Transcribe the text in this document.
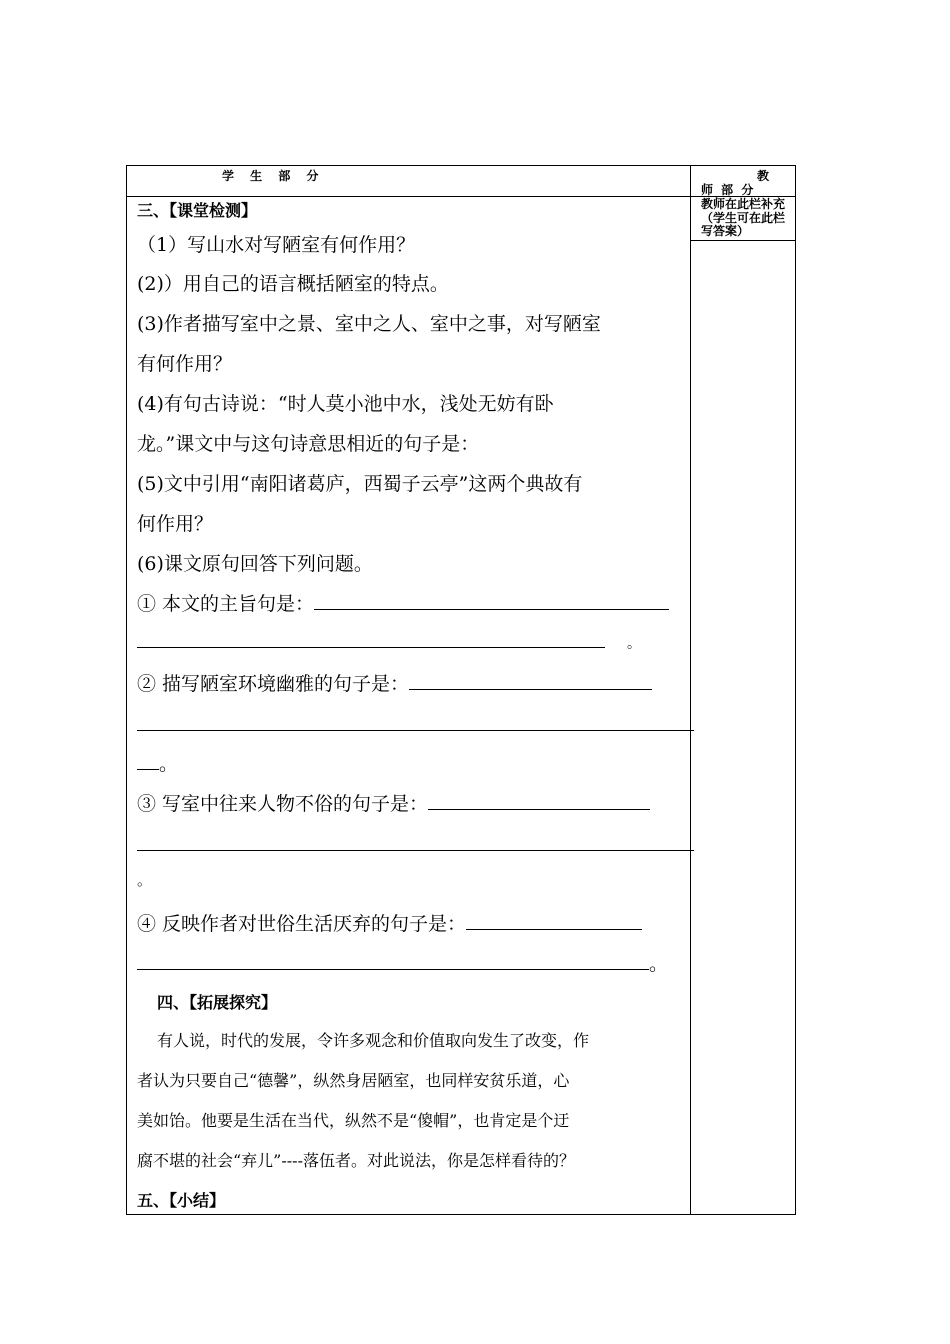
学 生 部 分	教
师 部 分
教师在此栏补充（学生可在此栏写答案）
三、【课堂检测】
（1）写山水对写陋室有何作用？
(2)）用自己的语言概括陋室的特点。
(3)作者描写室中之景、室中之人、室中之事，对写陋室
有何作用？
(4)有句古诗说：“时人莫小池中水，浅处无妨有卧
龙。”课文中与这句诗意思相近的句子是：
(5)文中引用“南阳诸葛庐，西蜀子云亭”这两个典故有
何作用？
(6)课文原句回答下列问题。
① 本文的主旨句是：
。
② 描写陋室环境幽雅的句子是：
。
③ 写室中往来人物不俗的句子是：
。
④ 反映作者对世俗生活厌弃的句子是：
。
四、【拓展探究】
有人说，时代的发展，令许多观念和价值取向发生了改变，作
者认为只要自己“德馨”，纵然身居陋室，也同样安贫乐道，心
美如饴。他要是生活在当代，纵然不是“傻帽”，也肯定是个迂
腐不堪的社会“弃儿”----落伍者。对此说法，你是怎样看待的？
五、【小结】
